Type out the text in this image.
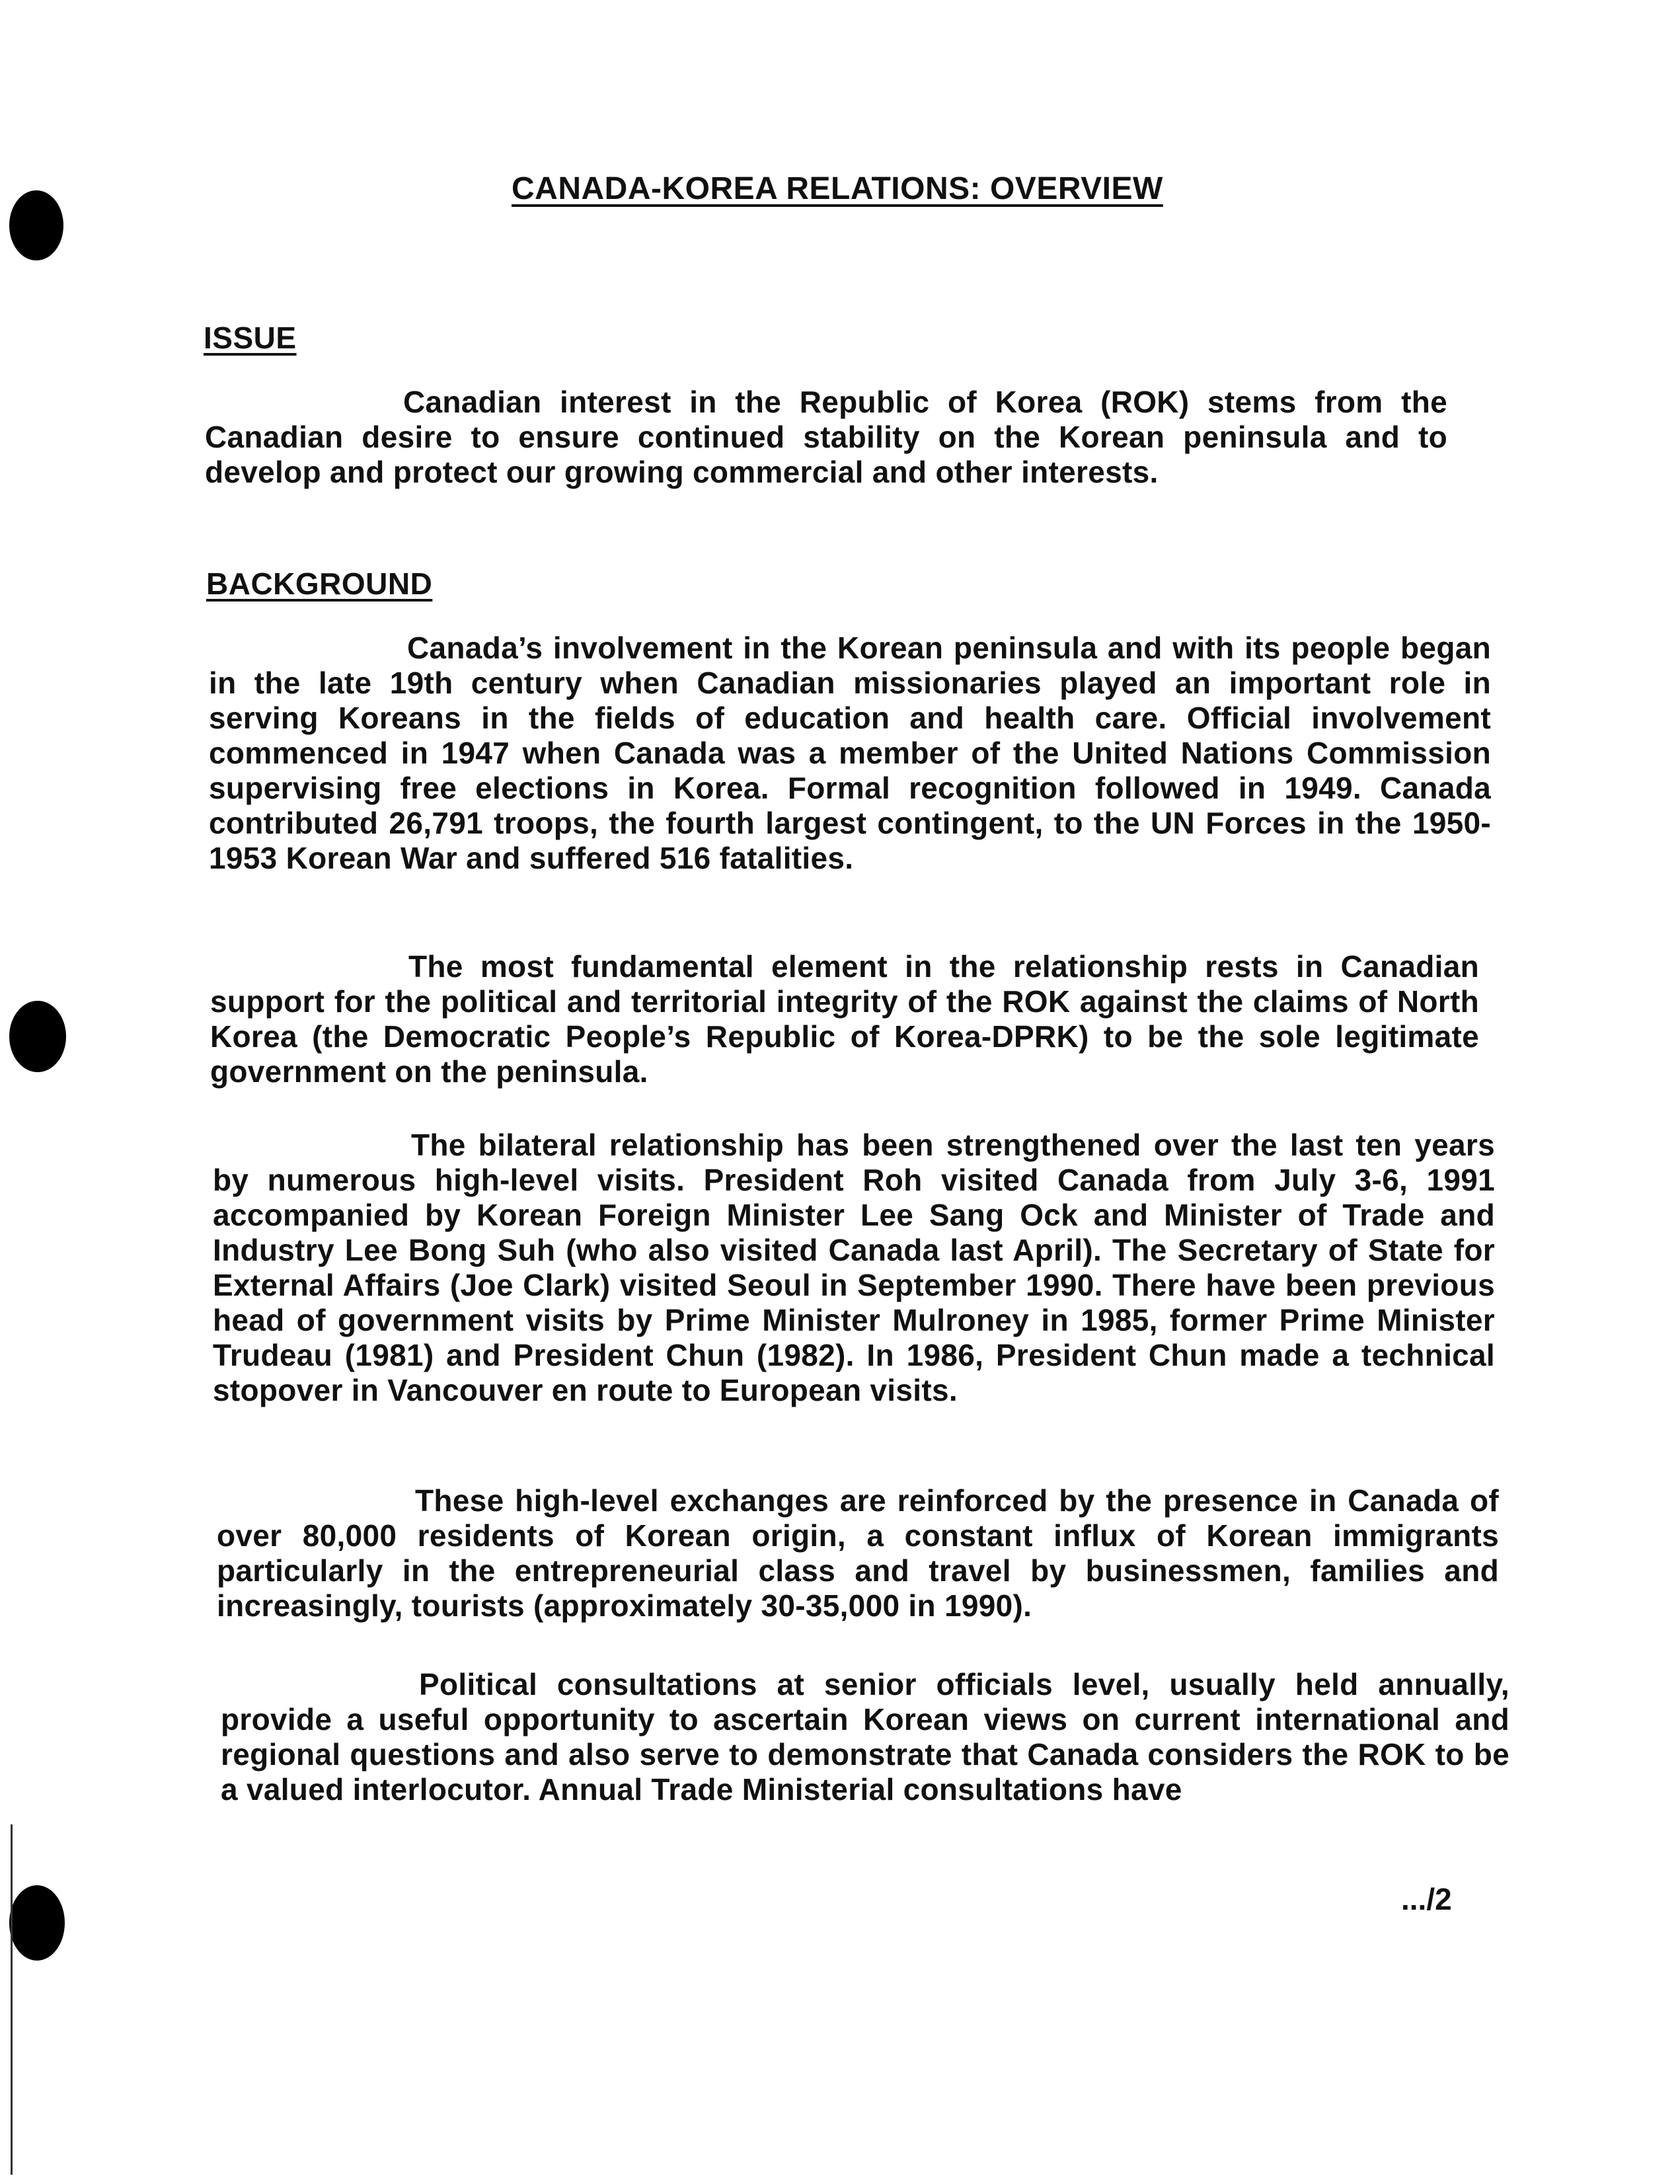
CANADA-KOREA RELATIONS: OVERVIEW
ISSUE
Canadian interest in the Republic of Korea (ROK) stems from the Canadian desire to ensure continued stability on the Korean peninsula and to develop and protect our growing commercial and other interests.
BACKGROUND
Canada’s involvement in the Korean peninsula and with its people began in the late 19th century when Canadian missionaries played an important role in serving Koreans in the fields of education and health care. Official involvement commenced in 1947 when Canada was a member of the United Nations Commission supervising free elections in Korea. Formal recognition followed in 1949. Canada contributed 26,791 troops, the fourth largest contingent, to the UN Forces in the 1950-1953 Korean War and suffered 516 fatalities.
The most fundamental element in the relationship rests in Canadian support for the political and territorial integrity of the ROK against the claims of North Korea (the Democratic People’s Republic of Korea-DPRK) to be the sole legitimate government on the peninsula.
The bilateral relationship has been strengthened over the last ten years by numerous high-level visits. President Roh visited Canada from July 3-6, 1991 accompanied by Korean Foreign Minister Lee Sang Ock and Minister of Trade and Industry Lee Bong Suh (who also visited Canada last April). The Secretary of State for External Affairs (Joe Clark) visited Seoul in September 1990. There have been previous head of government visits by Prime Minister Mulroney in 1985, former Prime Minister Trudeau (1981) and President Chun (1982). In 1986, President Chun made a technical stopover in Vancouver en route to European visits.
These high-level exchanges are reinforced by the presence in Canada of over 80,000 residents of Korean origin, a constant influx of Korean immigrants particularly in the entrepreneurial class and travel by businessmen, families and increasingly, tourists (approximately 30-35,000 in 1990).
Political consultations at senior officials level, usually held annually, provide a useful opportunity to ascertain Korean views on current international and regional questions and also serve to demonstrate that Canada considers the ROK to be a valued interlocutor. Annual Trade Ministerial consultations have
.../2
